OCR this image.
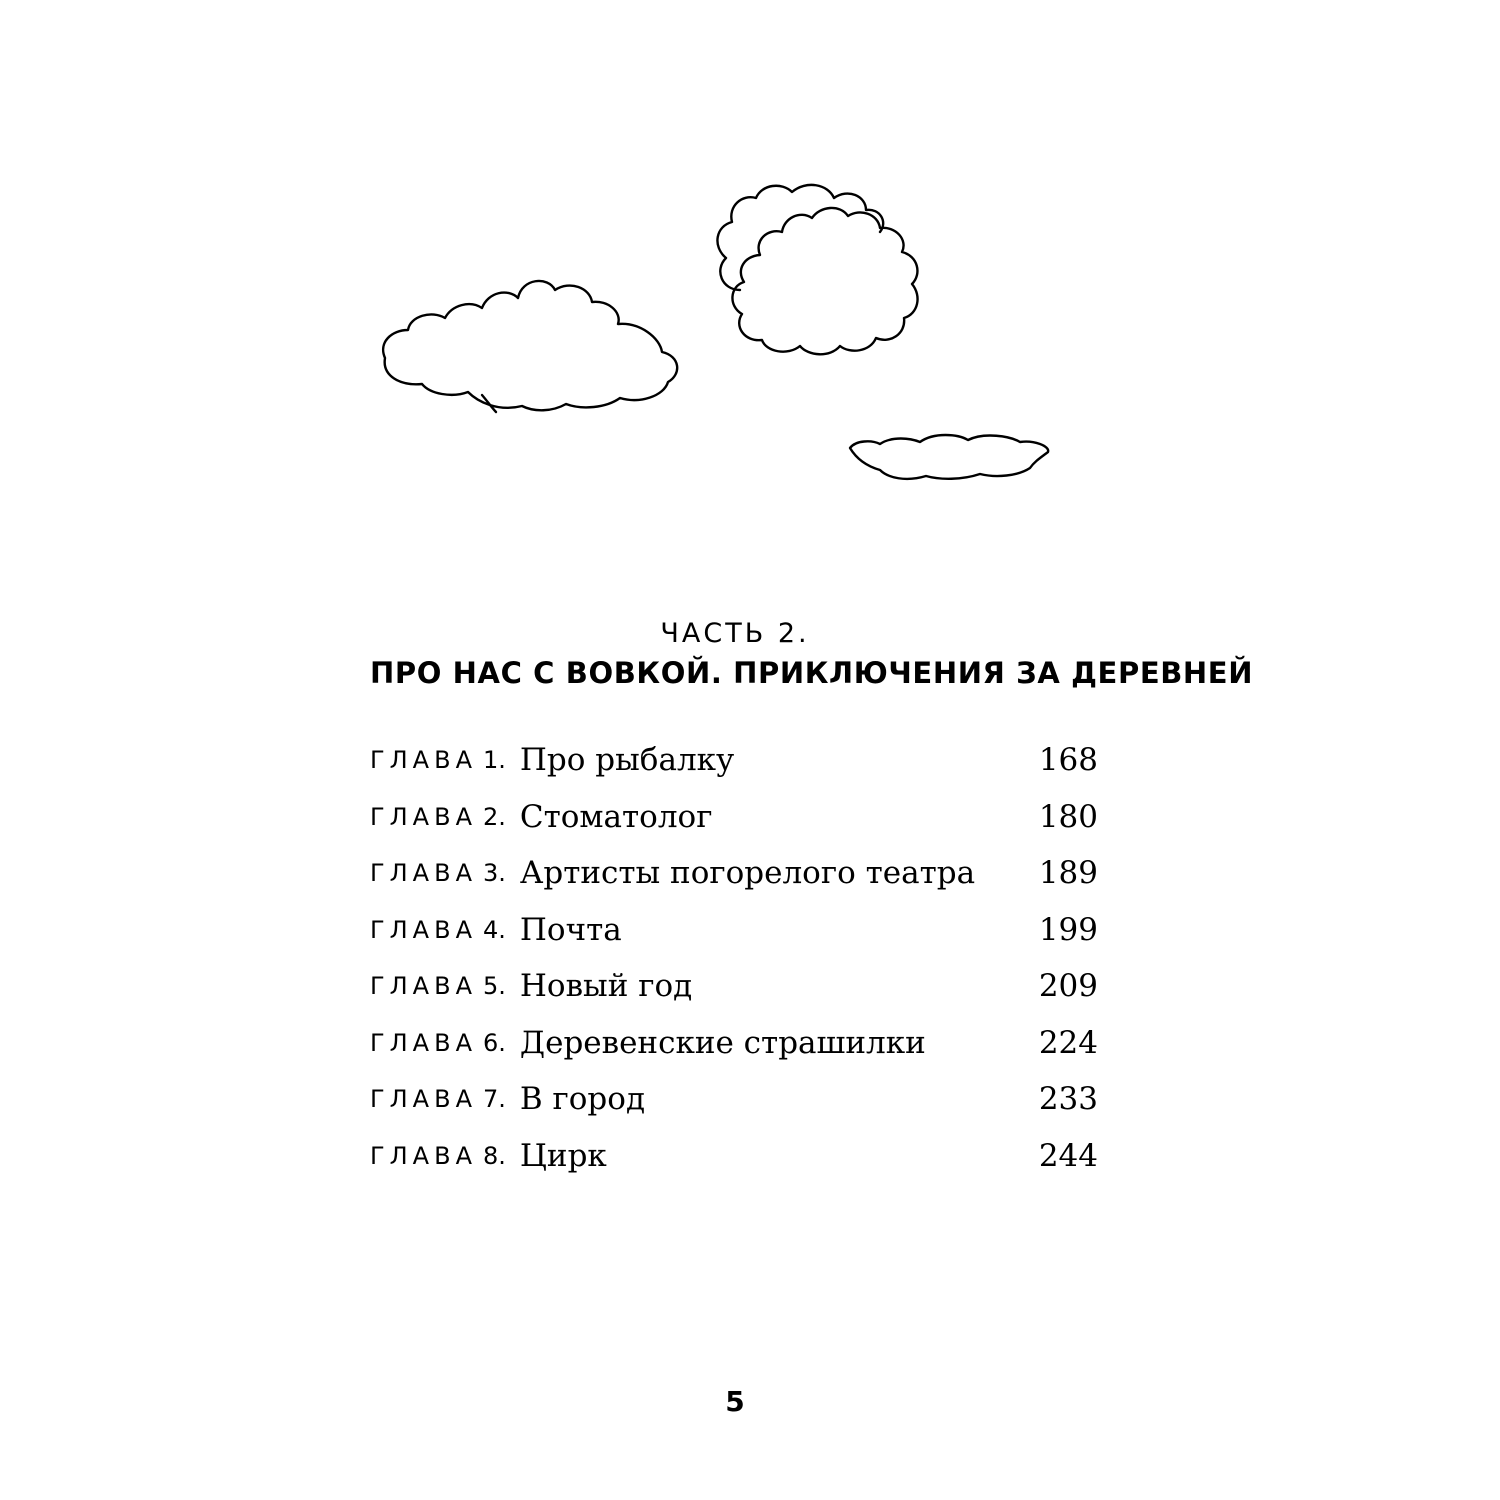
ЧАСТЬ 2.
ПРО НАС С ВОВКОЙ. ПРИКЛЮЧЕНИЯ ЗА ДЕРЕВНЕЙ
ГЛАВА 1. Про рыбалку	168
ГЛАВА 2. Стоматолог	180
ГЛАВА 3. Артисты погорелого театра 189
ГЛАВА 4. Почта	199
ГЛАВА 5. Новый год	209
ГЛАВА 6. Деревенские страшилки	224
ГЛАВА 7. В город	233
ГЛАВА 8. Цирк	244
5
